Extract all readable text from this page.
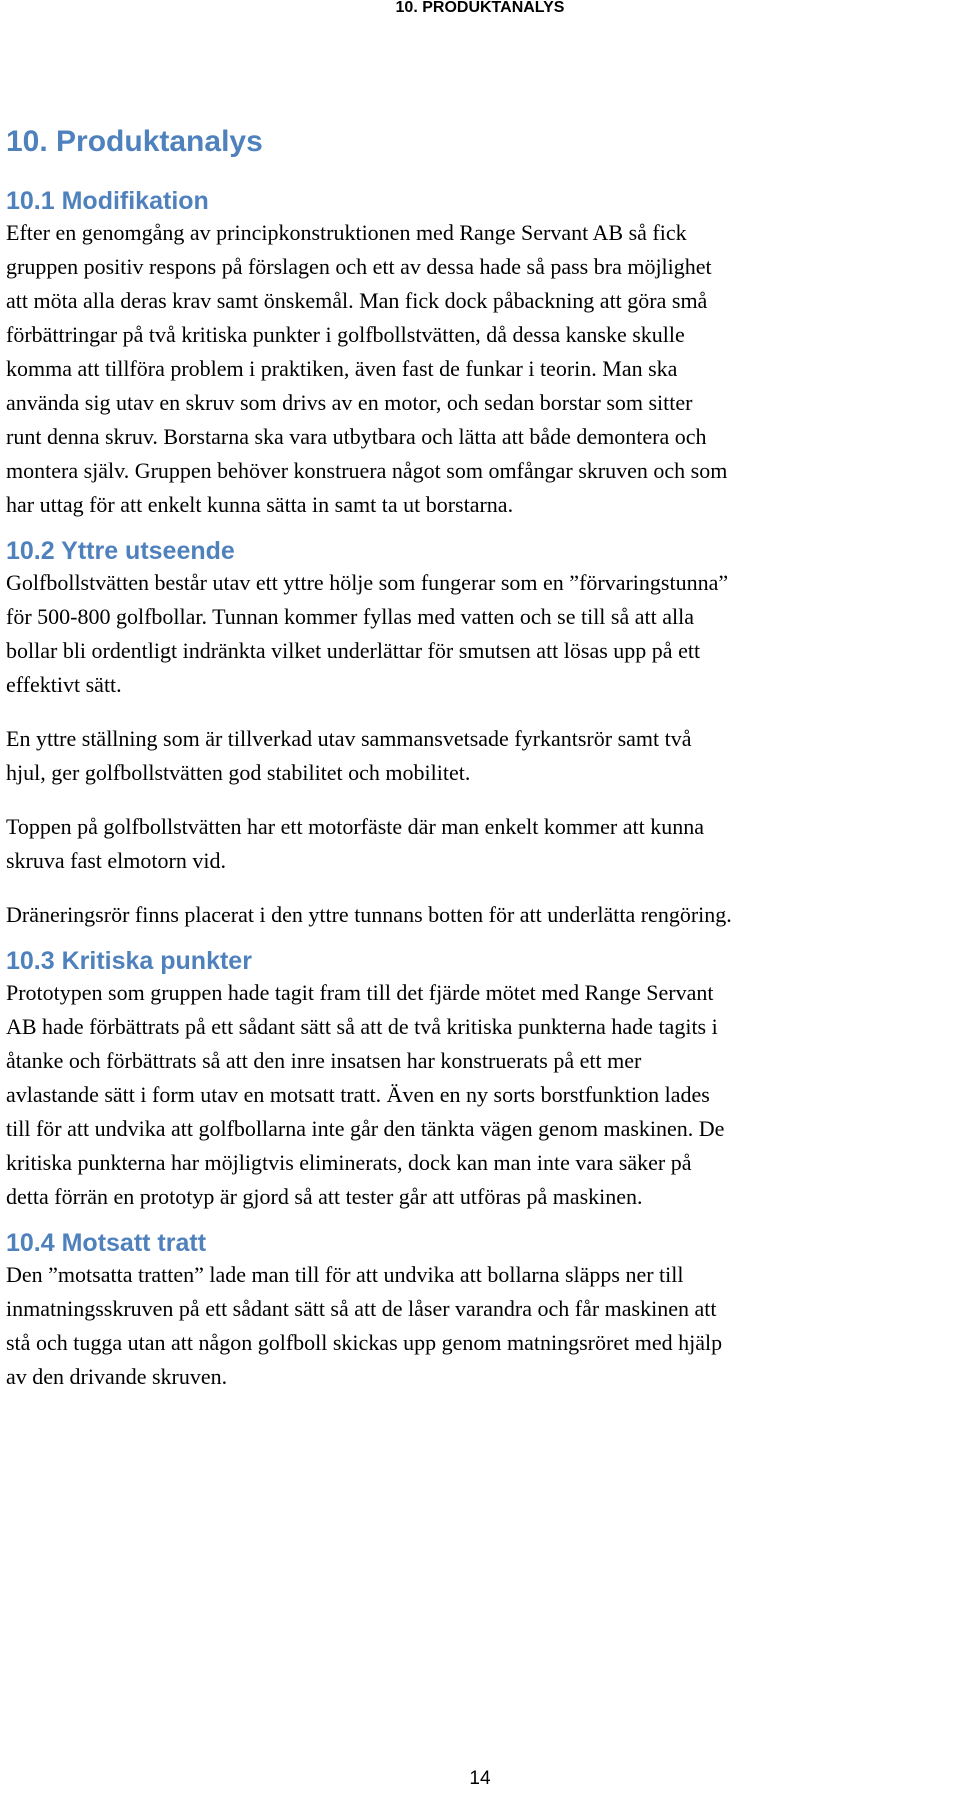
10. PRODUKTANALYS
10. Produktanalys
10.1 Modifikation

Efter en genomgång av principkonstruktionen med Range Servant AB så fick

gruppen positiv respons på förslagen och ett av dessa hade så pass bra möjlighet

att möta alla deras krav samt önskemål. Man fick dock påbackning att göra små

förbättringar på två kritiska punkter i golfbollstvätten, då dessa kanske skulle

komma att tillföra problem i praktiken, även fast de funkar i teorin. Man ska

använda sig utav en skruv som drivs av en motor, och sedan borstar som sitter

runt denna skruv. Borstarna ska vara utbytbara och lätta att både demontera och

montera själv. Gruppen behöver konstruera något som omfångar skruven och som

har uttag för att enkelt kunna sätta in samt ta ut borstarna.

10.2 Yttre utseende

Golfbollstvätten består utav ett yttre hölje som fungerar som en ”förvaringstunna”

för 500-800 golfbollar. Tunnan kommer fyllas med vatten och se till så att alla

bollar bli ordentligt indränkta vilket underlättar för smutsen att lösas upp på ett

effektivt sätt.

En yttre ställning som är tillverkad utav sammansvetsade fyrkantsrör samt två

hjul, ger golfbollstvätten god stabilitet och mobilitet.

Toppen på golfbollstvätten har ett motorfäste där man enkelt kommer att kunna

skruva fast elmotorn vid.

Dräneringsrör finns placerat i den yttre tunnans botten för att underlätta rengöring.

10.3 Kritiska punkter

Prototypen som gruppen hade tagit fram till det fjärde mötet med Range Servant

AB hade förbättrats på ett sådant sätt så att de två kritiska punkterna hade tagits i

åtanke och förbättrats så att den inre insatsen har konstruerats på ett mer

avlastande sätt i form utav en motsatt tratt. Även en ny sorts borstfunktion lades

till för att undvika att golfbollarna inte går den tänkta vägen genom maskinen. De

kritiska punkterna har möjligtvis eliminerats, dock kan man inte vara säker på

detta förrän en prototyp är gjord så att tester går att utföras på maskinen.

10.4 Motsatt tratt

Den ”motsatta tratten” lade man till för att undvika att bollarna släpps ner till

inmatningsskruven på ett sådant sätt så att de låser varandra och får maskinen att

stå och tugga utan att någon golfboll skickas upp genom matningsröret med hjälp

av den drivande skruven.

14
